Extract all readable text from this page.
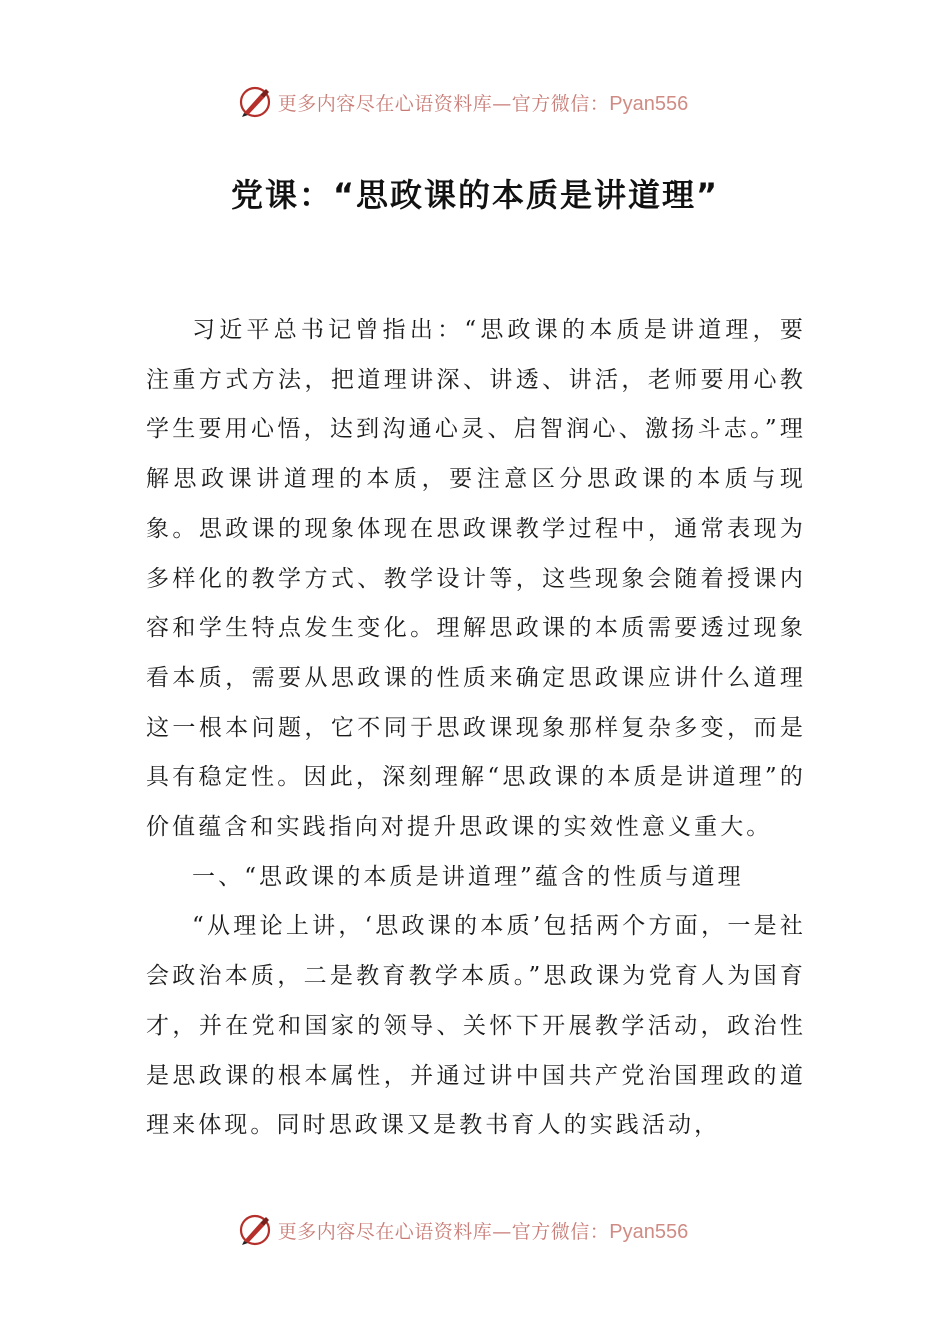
更多内容尽在心语资料库—官方微信：Pyan556
党课：“思政课的本质是讲道理”

习近平总书记曾指出：“思政课的本质是讲道理，要注重方式方法，把道理讲深、讲透、讲活，老师要用心教学生要用心悟，达到沟通心灵、启智润心、激扬斗志。”理解思政课讲道理的本质，要注意区分思政课的本质与现象。思政课的现象体现在思政课教学过程中，通常表现为多样化的教学方式、教学设计等，这些现象会随着授课内容和学生特点发生变化。理解思政课的本质需要透过现象看本质，需要从思政课的性质来确定思政课应讲什么道理这一根本问题，它不同于思政课现象那样复杂多变，而是具有稳定性。因此，深刻理解“思政课的本质是讲道理”的价值蕴含和实践指向对提升思政课的实效性意义重大。

一、“思政课的本质是讲道理”蕴含的性质与道理

“从理论上讲，‘思政课的本质’包括两个方面，一是社会政治本质，二是教育教学本质。”思政课为党育人为国育才，并在党和国家的领导、关怀下开展教学活动，政治性是思政课的根本属性，并通过讲中国共产党治国理政的道理来体现。同时思政课又是教书育人的实践活动，

更多内容尽在心语资料库—官方微信：Pyan556
